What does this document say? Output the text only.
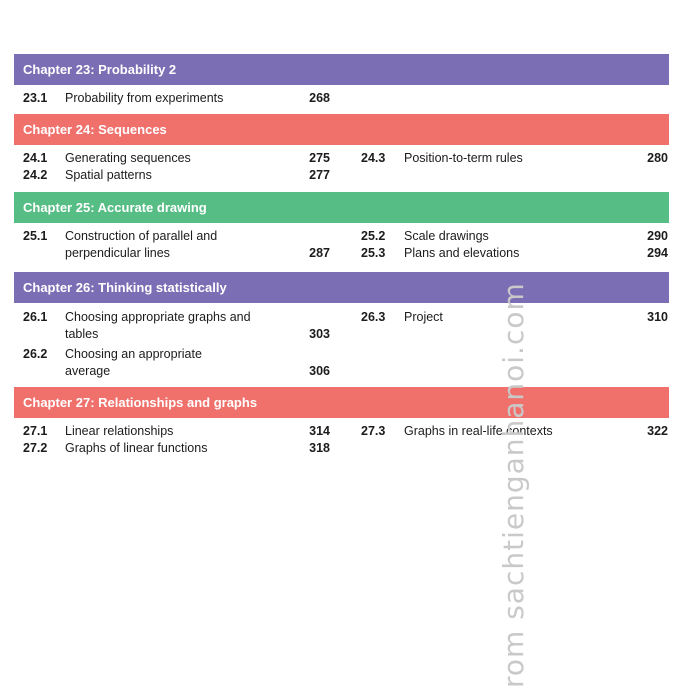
Chapter 23: Probability 2
23.1 Probability from experiments	268
Chapter 24: Sequences
24.1 Generating sequences	275
24.2 Spatial patterns	277
24.3 Position-to-term rules	280
Chapter 25: Accurate drawing
25.1 Construction of parallel and
perpendicular lines	287
25.2 Scale drawings	290
25.3 Plans and elevations	294
Chapter 26: Thinking statistically
26.1 Choosing appropriate graphs and
tables	303
26.2 Choosing an appropriate
average	306
26.3 Project	310
Chapter 27: Relationships and graphs
27.1 Linear relationships	314
27.2 Graphs of linear functions	318
27.3 Graphs in real-life contexts	322
rom sachtienganhanoi.com
